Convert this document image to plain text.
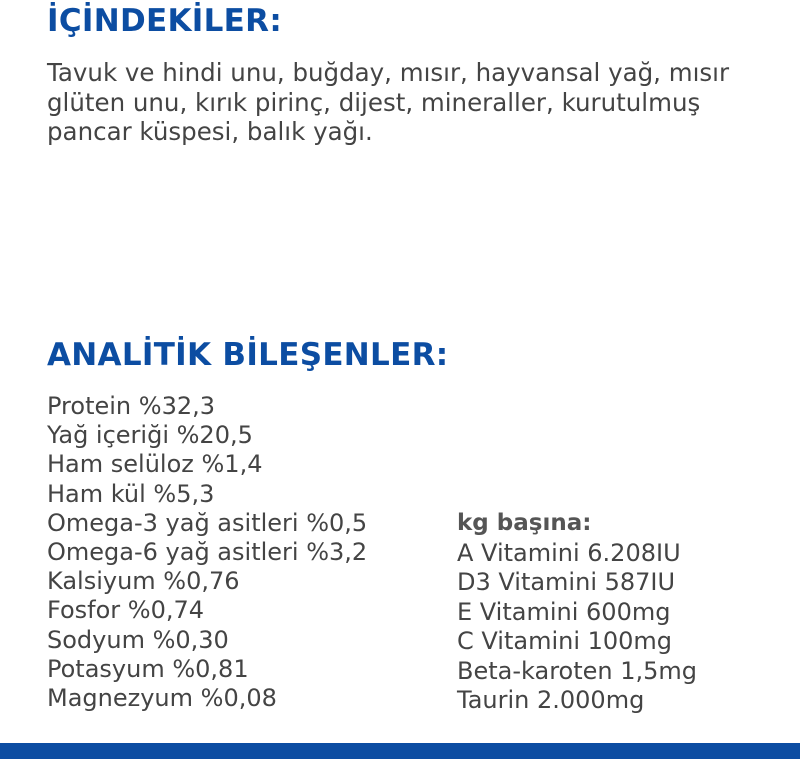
İÇİNDEKİLER:

Tavuk ve hindi unu, buğday, mısır, hayvansal yağ, mısır glüten unu, kırık pirinç, dijest, mineraller, kurutulmuş pancar küspesi, balık yağı.

ANALİTİK BİLEŞENLER:
Protein %32,3
Yağ içeriği %20,5
Ham selüloz %1,4
Ham kül %5,3
Omega-3 yağ asitleri %0,5
Omega-6 yağ asitleri %3,2
Kalsiyum %0,76
Fosfor %0,74
Sodyum %0,30
Potasyum %0,81
Magnezyum %0,08
kg başına:
A Vitamini 6.208IU
D3 Vitamini 587IU
E Vitamini 600mg
C Vitamini 100mg
Beta-karoten 1,5mg
Taurin 2.000mg
